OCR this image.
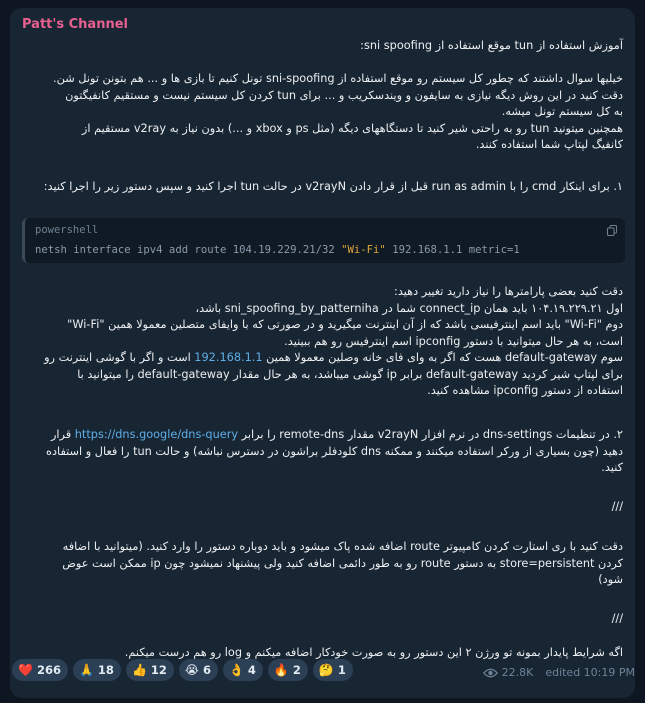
Patt's Channel

آموزش استفاده از tun موقع استفاده از sni spoofing:

خیلیها سوال داشتند که چطور کل سیستم رو موقع استفاده از sni-spoofing تونل کنیم تا بازی ها و ... هم بتونن تونل شن.

دقت کنید در این روش دیگه نیازی به سایفون و ویندسکریب و ... برای tun کردن کل سیستم نیست و مستقیم کانفیگتون

به کل سیستم تونل میشه.

همچنین میتونید tun رو به راحتی شیر کنید تا دستگاههای دیگه (مثل ps و xbox و ...) بدون نیاز به v2ray مستقیم از

کانفیگ لپتاپ شما استفاده کنند.

۱. برای اینکار cmd را با run as admin قبل از قرار دادن v2rayN در حالت tun اجرا کنید و سپس دستور زیر را اجرا کنید:

powershell
netsh interface ipv4 add route 104.19.229.21/32 "Wi-Fi" 192.168.1.1 metric=1

دقت کنید بعضی پارامترها را نیاز دارید تغییر دهید:

اول ۱۰۴.۱۹.۲۲۹.۲۱ باید همان connect_ip شما در sni_spoofing_by_patterniha باشد،

دوم "Wi-Fi" باید اسم اینترفیسی باشد که از آن اینترنت میگیرید و در صورتی که با وایفای متصلین معمولا همین "Wi-Fi"

است، به هر حال میتوانید با دستور ipconfig اسم اینترفیس رو هم ببینید.

سوم default-gateway هست که اگر به وای فای خانه وصلین معمولا همین 192.168.1.1 است و اگر با گوشی اینترنت رو

برای لپتاپ شیر کردید default-gateway برابر ip گوشی میباشد، به هر حال مقدار default-gateway را میتوانید با

استفاده از دستور ipconfig مشاهده کنید.

۲. در تنظیمات dns-settings در نرم افزار v2rayN مقدار remote-dns را برابر https://dns.google/dns-query قرار

دهید (چون بسیاری از ورکر استفاده میکنند و ممکنه dns کلودفلر براشون در دسترس نباشه) و حالت tun را فعال و استفاده

کنید.

///

دقت کنید با ری استارت کردن کامپیوتر route اضافه شده پاک میشود و باید دوباره دستور را وارد کنید. (میتوانید با اضافه

کردن store=persistent به دستور route رو به طور دائمی اضافه کنید ولی پیشنهاد نمیشود چون ip ممکن است عوض

شود)

///

اگه شرایط پایدار بمونه تو ورژن ۲ این دستور رو به صورت خودکار اضافه میکنم و log رو هم درست میکنم.

❤️ 266 🙏 18 👍 12 😭 6 👌 4 🔥 2 🤔 1	22.8K edited 10:19 PM
